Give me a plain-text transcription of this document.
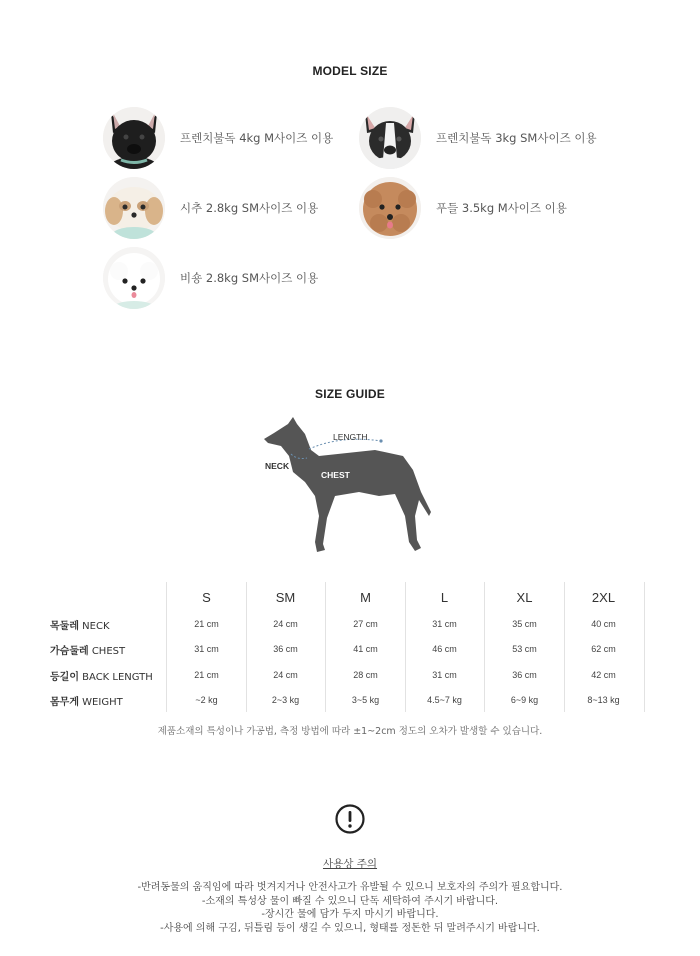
MODEL SIZE
프렌치불독 4kg M사이즈 이용	프렌치불독 3kg SM사이즈 이용
시추 2.8kg SM사이즈 이용	푸들 3.5kg M사이즈 이용
비숑 2.8kg SM사이즈 이용
SIZE GUIDE
LENGTH
NECK
CHEST
S	SM	M	L	XL	2XL
목둘레 NECK	21 cm	24 cm	27 cm	31 cm	35 cm	40 cm
가슴둘레 CHEST	31 cm	36 cm	41 cm	46 cm	53 cm	62 cm
등길이 BACK LENGTH	21 cm	24 cm	28 cm	31 cm	36 cm	42 cm
몸무게 WEIGHT	~2 kg	2~3 kg	3~5 kg	4.5~7 kg	6~9 kg	8~13 kg
제품소재의 특성이나 가공법, 측정 방법에 따라 ±1~2cm 정도의 오차가 발생할 수 있습니다.
사용상 주의
-반려동물의 움직임에 따라 벗겨지거나 안전사고가 유발될 수 있으니 보호자의 주의가 필요합니다.
-소재의 특성상 물이 빠질 수 있으니 단독 세탁하여 주시기 바랍니다.
-장시간 물에 담가 두지 마시기 바랍니다.
-사용에 의해 구김, 뒤틀림 등이 생길 수 있으니, 형태를 정돈한 뒤 말려주시기 바랍니다.
